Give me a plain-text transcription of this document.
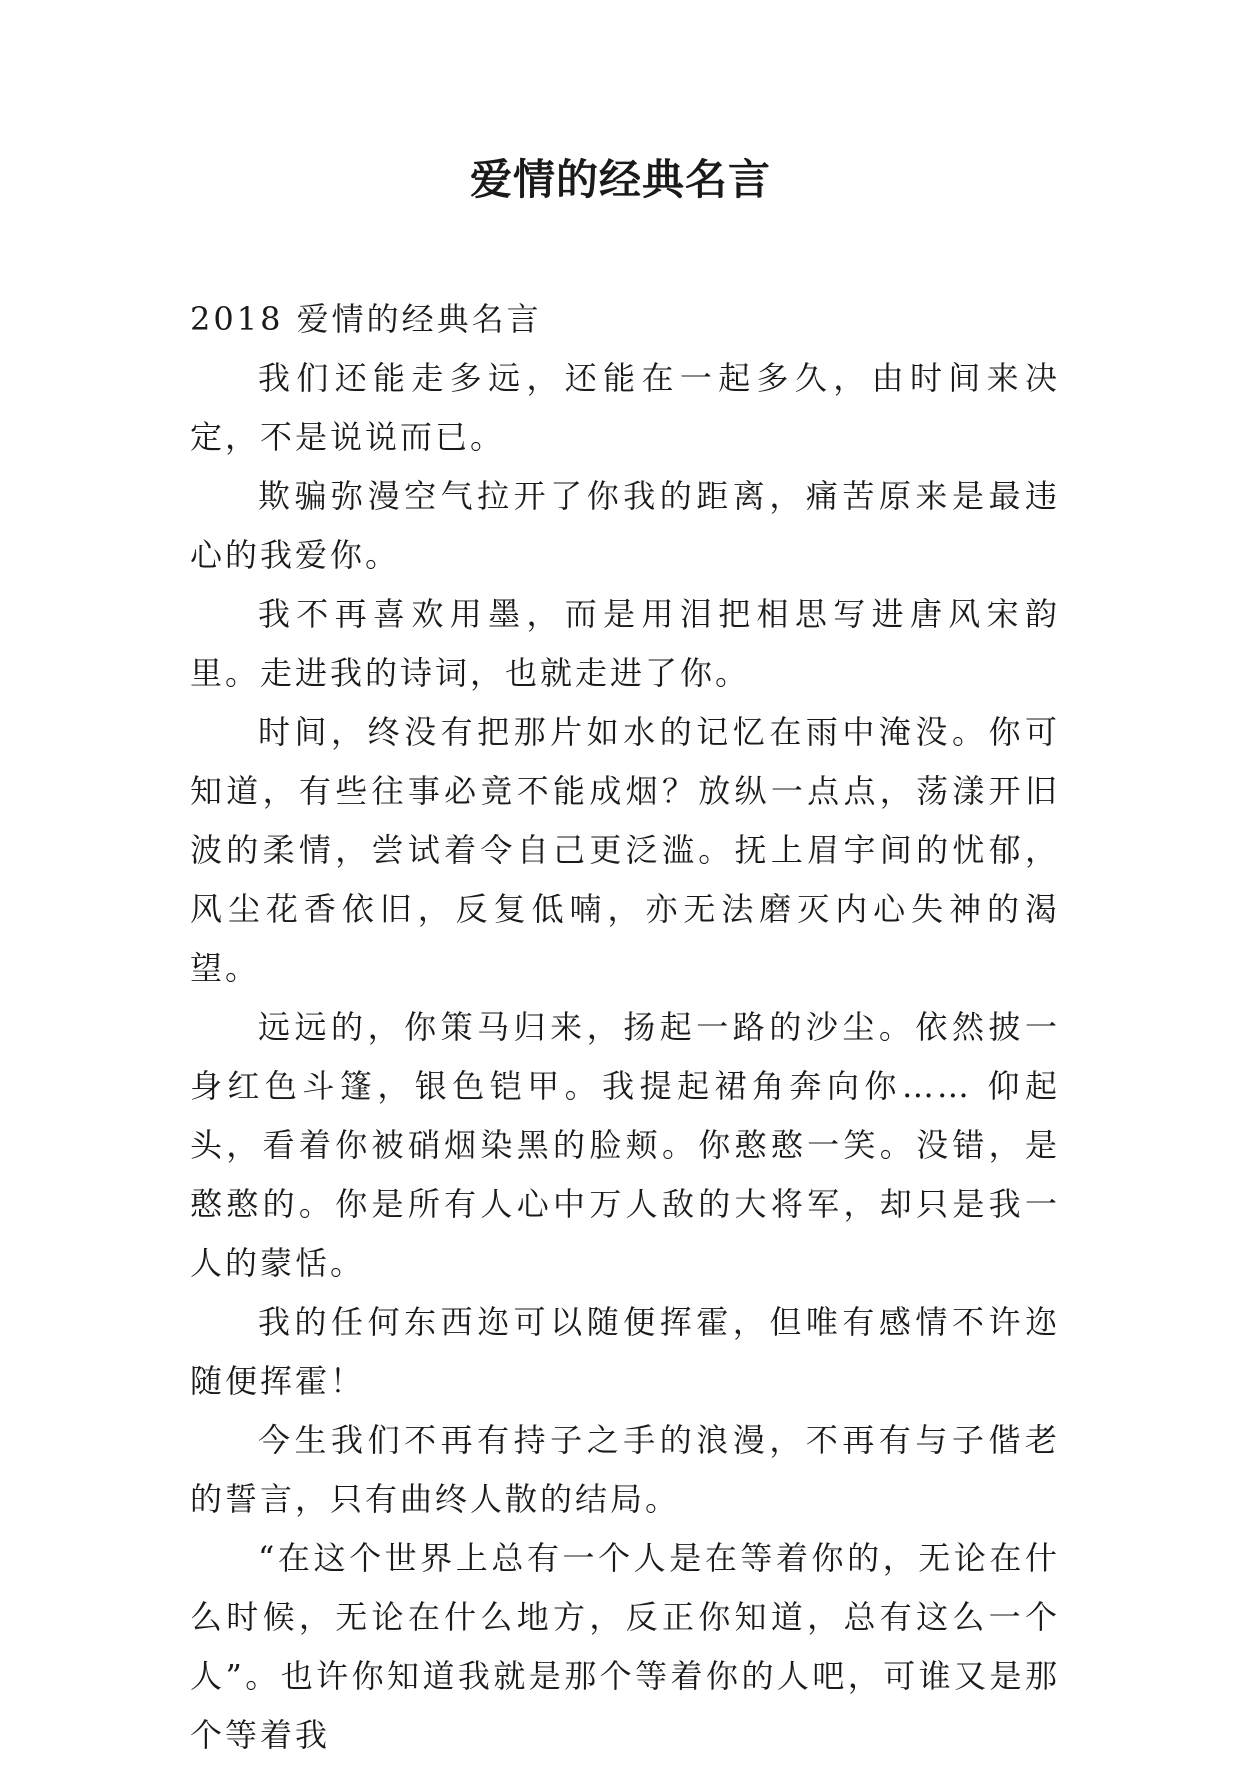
爱情的经典名言

2018 爱情的经典名言

我们还能走多远，还能在一起多久，由时间来决定，不是说说而已。

欺骗弥漫空气拉开了你我的距离，痛苦原来是最违心的我爱你。

我不再喜欢用墨，而是用泪把相思写进唐风宋韵里。走进我的诗词，也就走进了你。

时间，终没有把那片如水的记忆在雨中淹没。你可知道，有些往事必竟不能成烟？放纵一点点，荡漾开旧波的柔情，尝试着令自己更泛滥。抚上眉宇间的忧郁，风尘花香依旧，反复低喃，亦无法磨灭内心失神的渴望。

远远的，你策马归来，扬起一路的沙尘。依然披一身红色斗篷，银色铠甲。我提起裙角奔向你…… 仰起头，看着你被硝烟染黑的脸颊。你憨憨一笑。没错，是憨憨的。你是所有人心中万人敌的大将军，却只是我一人的蒙恬。

我的任何东西迩可以随便挥霍，但唯有感情不许迩随便挥霍！

今生我们不再有持子之手的浪漫，不再有与子偕老的誓言，只有曲终人散的结局。

“在这个世界上总有一个人是在等着你的，无论在什么时候，无论在什么地方，反正你知道，总有这么一个人”。也许你知道我就是那个等着你的人吧，可谁又是那个等着我
